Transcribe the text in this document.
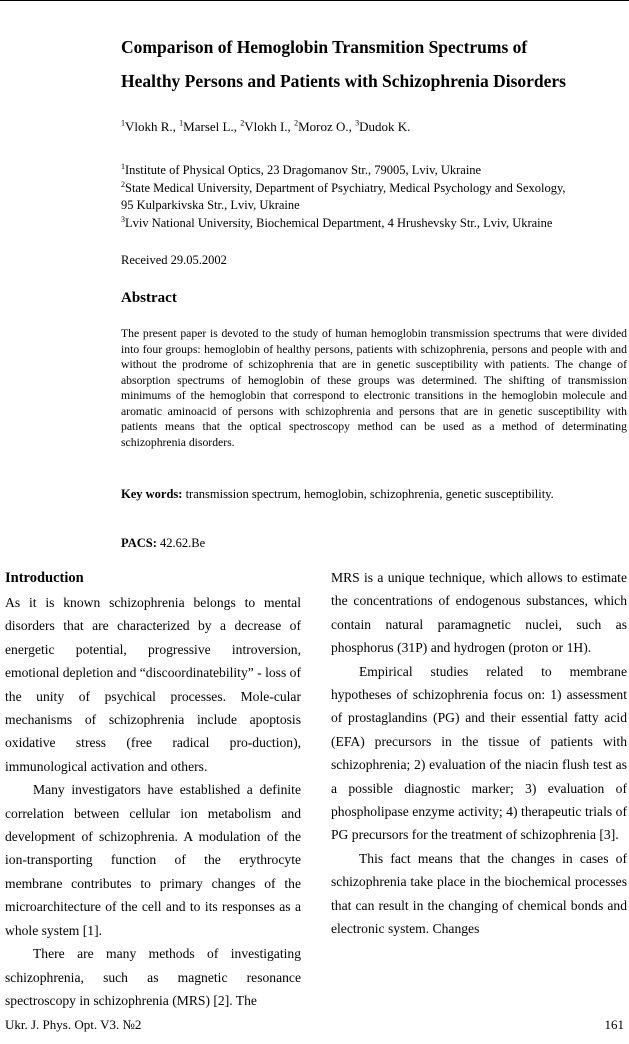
Comparison of Hemoglobin Transmition Spectrums of
Healthy Persons and Patients with Schizophrenia Disorders
$^1$Vlokh R., $^1$Marsel L., $^2$Vlokh I., $^2$Moroz O., $^3$Dudok K.
$^1$Institute of Physical Optics, 23 Dragomanov Str., 79005, Lviv, Ukraine
$^2$State Medical University, Department of Psychiatry, Medical Psychology and Sexology,
95 Kulparkivska Str., Lviv, Ukraine
$^3$Lviv National University, Biochemical Department, 4 Hrushevsky Str., Lviv, Ukraine
Received 29.05.2002
Abstract
The present paper is devoted to the study of human hemoglobin transmission spectrums that were divided into four groups: hemoglobin of healthy persons, patients with schizophrenia, persons and people with and without the prodrome of schizophrenia that are in genetic susceptibility with patients. The change of absorption spectrums of hemoglobin of these groups was determined. The shifting of transmission minimums of the hemoglobin that correspond to electronic transitions in the hemoglobin molecule and aromatic aminoacid of persons with schizophrenia and persons that are in genetic susceptibility with patients means that the optical spectroscopy method can be used as a method of determinating schizophrenia disorders.
Key words: transmission spectrum, hemoglobin, schizophrenia, genetic susceptibility.
PACS: 42.62.Be

Introduction

As it is known schizophrenia belongs to mental disorders that are characterized by a decrease of energetic potential, progressive introversion, emotional depletion and “discoordinatebility” - loss of the unity of psychical processes. Mole-cular mechanisms of schizophrenia include apoptosis oxidative stress (free radical pro-duction), immunological activation and others.

Many investigators have established a definite correlation between cellular ion metabolism and development of schizophrenia. A modulation of the ion-transporting function of the erythrocyte membrane contributes to primary changes of the microarchitecture of the cell and to its responses as a whole system [1].

There are many methods of investigating schizophrenia, such as magnetic resonance spectroscopy in schizophrenia (MRS) [2]. The

MRS is a unique technique, which allows to estimate the concentrations of endogenous substances, which contain natural paramagnetic nuclei, such as phosphorus (31P) and hydrogen (proton or 1H).

Empirical studies related to membrane hypotheses of schizophrenia focus on: 1) assessment of prostaglandins (PG) and their essential fatty acid (EFA) precursors in the tissue of patients with schizophrenia; 2) evaluation of the niacin flush test as a possible diagnostic marker; 3) evaluation of phospholipase enzyme activity; 4) therapeutic trials of PG precursors for the treatment of schizophrenia [3].

This fact means that the changes in cases of schizophrenia take place in the biochemical processes that can result in the changing of chemical bonds and electronic system. Changes

Ukr. J. Phys. Opt. V3. №2	161
